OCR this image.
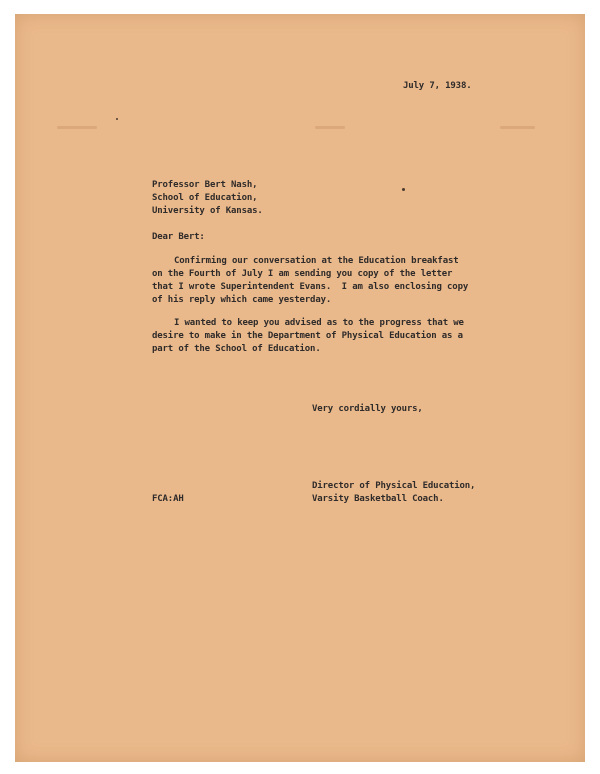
July 7, 1938.
Professor Bert Nash,
School of Education,
University of Kansas.
Dear Bert:
Confirming our conversation at the Education breakfast
on the Fourth of July I am sending you copy of the letter
that I wrote Superintendent Evans.  I am also enclosing copy
of his reply which came yesterday.
I wanted to keep you advised as to the progress that we
desire to make in the Department of Physical Education as a
part of the School of Education.
Very cordially yours,
Director of Physical Education,
Varsity Basketball Coach.
FCA:AH
